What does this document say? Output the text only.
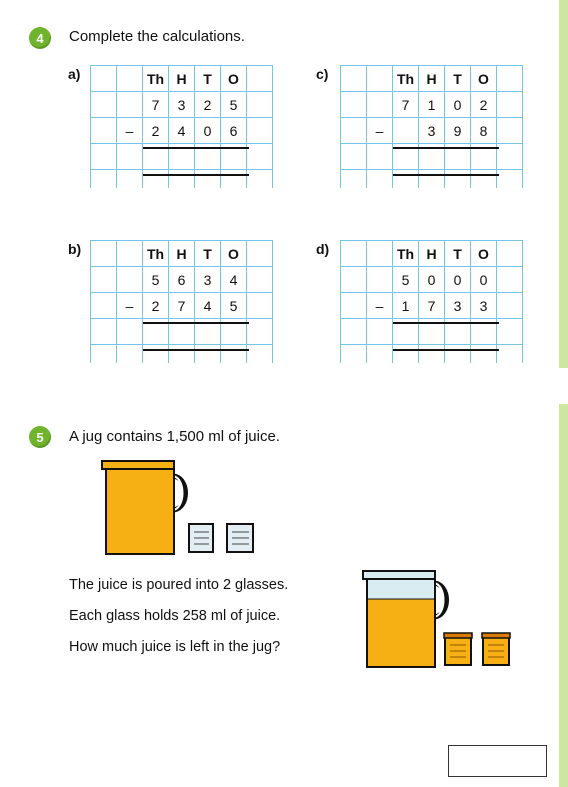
4	Complete the calculations.
a)
			Th	H	T	O	
		7	3	2	5	
	–	2	4	0	6	

c)
			Th	H	T	O	
		7	1	0	2	
	–		3	9	8	

b)
			Th	H	T	O	
		5	6	3	4	
	–	2	7	4	5	

d)
			Th	H	T	O	
		5	0	0	0	
	–	1	7	3	3	

5	A jug contains 1,500 ml of juice.
The juice is poured into 2 glasses.
Each glass holds 258 ml of juice.
How much juice is left in the jug?
